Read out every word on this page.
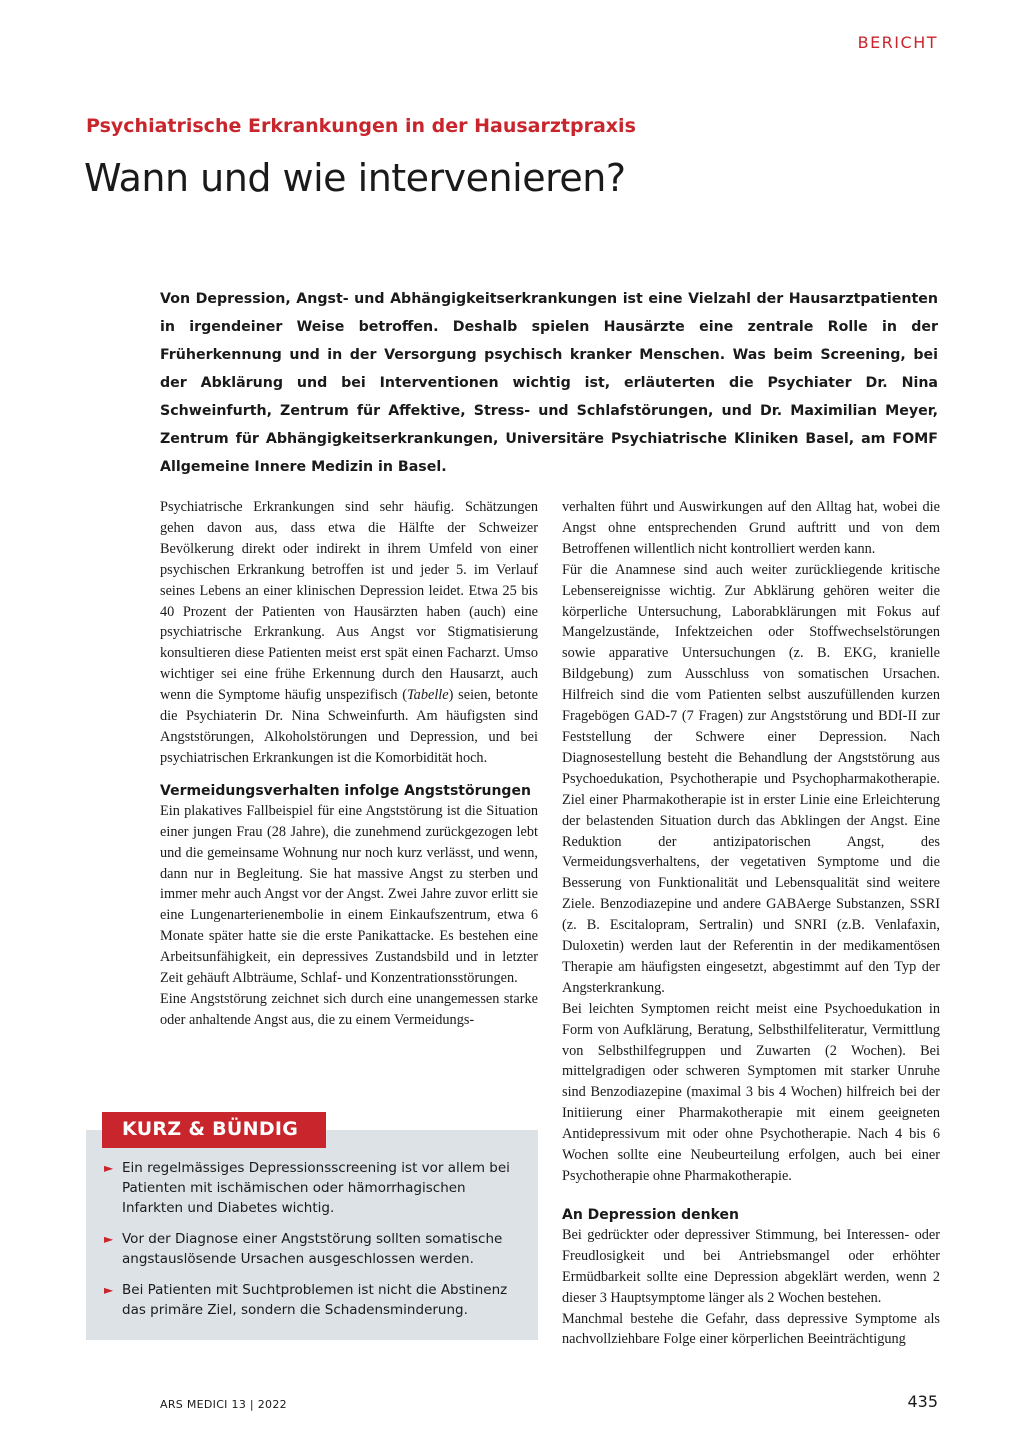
BERICHT
Psychiatrische Erkrankungen in der Hausarztpraxis
Wann und wie intervenieren?
Von Depression, Angst- und Abhängigkeitserkrankungen ist eine Vielzahl der Hausarztpatienten in irgendeiner Weise betroffen. Deshalb spielen Hausärzte eine zentrale Rolle in der Früherkennung und in der Versorgung psychisch kranker Menschen. Was beim Screening, bei der Abklärung und bei Interventionen wichtig ist, erläuterten die Psychiater Dr. Nina Schweinfurth, Zentrum für Affektive, Stress- und Schlafstörungen, und Dr. Maximilian Meyer, Zentrum für Abhängigkeitserkrankungen, Universitäre Psychiatrische Kliniken Basel, am FOMF Allgemeine Innere Medizin in Basel.

Psychiatrische Erkrankungen sind sehr häufig. Schätzungen gehen davon aus, dass etwa die Hälfte der Schweizer Bevölkerung direkt oder indirekt in ihrem Umfeld von einer psychischen Erkrankung betroffen ist und jeder 5. im Verlauf seines Lebens an einer klinischen Depression leidet. Etwa 25 bis 40 Prozent der Patienten von Hausärzten haben (auch) eine psychiatrische Erkrankung. Aus Angst vor Stigmatisierung konsultieren diese Patienten meist erst spät einen Facharzt. Umso wichtiger sei eine frühe Erkennung durch den Hausarzt, auch wenn die Symptome häufig unspezifisch (Tabelle) seien, betonte die Psychiaterin Dr. Nina Schweinfurth. Am häufigsten sind Angststörungen, Alkoholstörungen und Depression, und bei psychiatrischen Erkrankungen ist die Komorbidität hoch.

Vermeidungsverhalten infolge Angststörungen

Ein plakatives Fallbeispiel für eine Angststörung ist die Situation einer jungen Frau (28 Jahre), die zunehmend zurückgezogen lebt und die gemeinsame Wohnung nur noch kurz verlässt, und wenn, dann nur in Begleitung. Sie hat massive Angst zu sterben und immer mehr auch Angst vor der Angst. Zwei Jahre zuvor erlitt sie eine Lungenarterienembolie in einem Einkaufszentrum, etwa 6 Monate später hatte sie die erste Panikattacke. Es bestehen eine Arbeitsunfähigkeit, ein depressives Zustandsbild und in letzter Zeit gehäuft Albträume, Schlaf- und Konzentrationsstörungen.

Eine Angststörung zeichnet sich durch eine unangemessen starke oder anhaltende Angst aus, die zu einem Vermeidungs-

verhalten führt und Auswirkungen auf den Alltag hat, wobei die Angst ohne entsprechenden Grund auftritt und von dem Betroffenen willentlich nicht kontrolliert werden kann.

Für die Anamnese sind auch weiter zurückliegende kritische Lebensereignisse wichtig. Zur Abklärung gehören weiter die körperliche Untersuchung, Laborabklärungen mit Fokus auf Mangelzustände, Infektzeichen oder Stoffwechselstörungen sowie apparative Untersuchungen (z. B. EKG, kranielle Bildgebung) zum Ausschluss von somatischen Ursachen. Hilfreich sind die vom Patienten selbst auszufüllenden kurzen Fragebögen GAD-7 (7 Fragen) zur Angststörung und BDI-II zur Feststellung der Schwere einer Depression. Nach Diagnosestellung besteht die Behandlung der Angststörung aus Psychoedukation, Psychotherapie und Psychopharmakotherapie. Ziel einer Pharmakotherapie ist in erster Linie eine Erleichterung der belastenden Situation durch das Abklingen der Angst. Eine Reduktion der antizipatorischen Angst, des Vermeidungsverhaltens, der vegetativen Symptome und die Besserung von Funktionalität und Lebensqualität sind weitere Ziele. Benzodiazepine und andere GABAerge Substanzen, SSRI (z. B. Escitalopram, Sertralin) und SNRI (z.B. Venlafaxin, Duloxetin) werden laut der Referentin in der medikamentösen Therapie am häufigsten eingesetzt, abgestimmt auf den Typ der Angsterkrankung.

Bei leichten Symptomen reicht meist eine Psychoedukation in Form von Aufklärung, Beratung, Selbsthilfeliteratur, Vermittlung von Selbsthilfegruppen und Zuwarten (2 Wochen). Bei mittelgradigen oder schweren Symptomen mit starker Unruhe sind Benzodiazepine (maximal 3 bis 4 Wochen) hilfreich bei der Initiierung einer Pharmakotherapie mit einem geeigneten Antidepressivum mit oder ohne Psychotherapie. Nach 4 bis 6 Wochen sollte eine Neubeurteilung erfolgen, auch bei einer Psychotherapie ohne Pharmakotherapie.

An Depression denken

Bei gedrückter oder depressiver Stimmung, bei Interessen- oder Freudlosigkeit und bei Antriebsmangel oder erhöhter Ermüdbarkeit sollte eine Depression abgeklärt werden, wenn 2 dieser 3 Hauptsymptome länger als 2 Wochen bestehen.

Manchmal bestehe die Gefahr, dass depressive Symptome als nachvollziehbare Folge einer körperlichen Beeinträchtigung

KURZ & BÜNDIG
► Ein regelmässiges Depressionsscreening ist vor allem bei Patienten mit ischämischen oder hämorrhagischen Infarkten und Diabetes wichtig.
► Vor der Diagnose einer Angststörung sollten somatische angstauslösende Ursachen ausgeschlossen werden.
► Bei Patienten mit Suchtproblemen ist nicht die Abstinenz das primäre Ziel, sondern die Schadensminderung.
ARS MEDICI 13 | 2022	435
